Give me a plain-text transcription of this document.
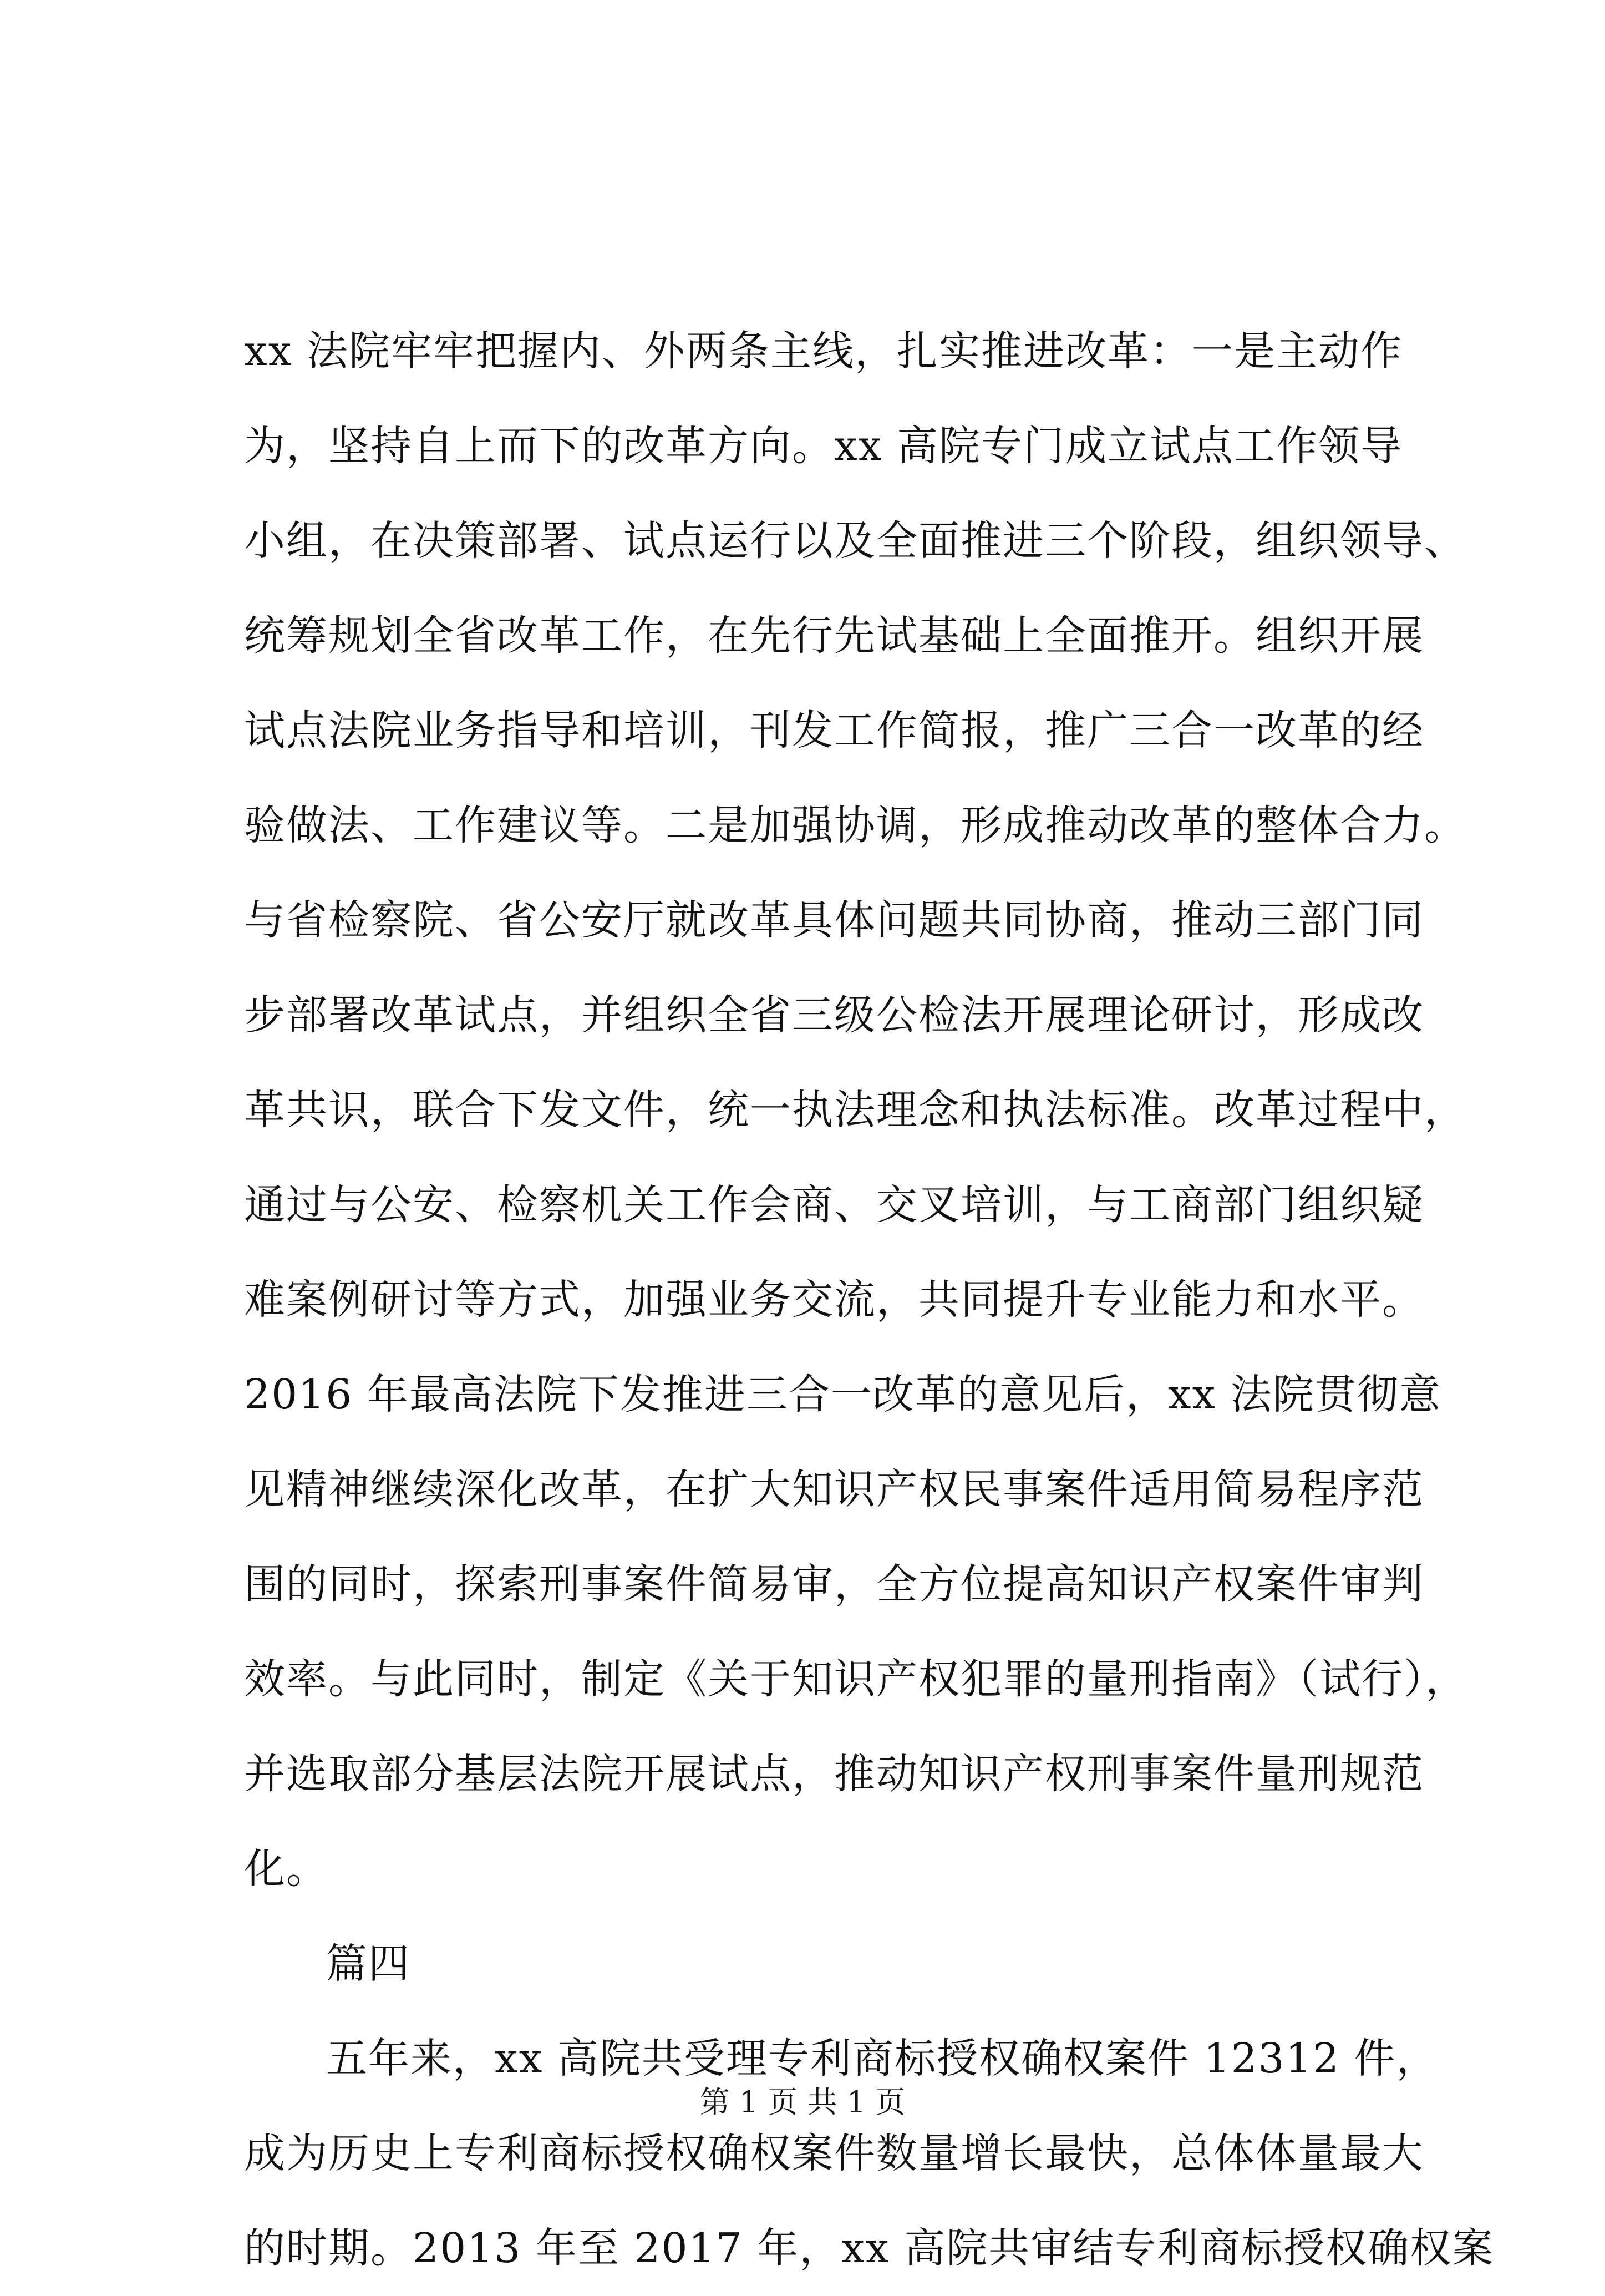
xx 法院牢牢把握内、外两条主线，扎实推进改革：一是主动作
为，坚持自上而下的改革方向。xx 高院专门成立试点工作领导
小组，在决策部署、试点运行以及全面推进三个阶段，组织领导、
统筹规划全省改革工作，在先行先试基础上全面推开。组织开展
试点法院业务指导和培训，刊发工作简报，推广三合一改革的经
验做法、工作建议等。二是加强协调，形成推动改革的整体合力。
与省检察院、省公安厅就改革具体问题共同协商，推动三部门同
步部署改革试点，并组织全省三级公检法开展理论研讨，形成改
革共识，联合下发文件，统一执法理念和执法标准。改革过程中，
通过与公安、检察机关工作会商、交叉培训，与工商部门组织疑
难案例研讨等方式，加强业务交流，共同提升专业能力和水平。
2016 年最高法院下发推进三合一改革的意见后，xx 法院贯彻意
见精神继续深化改革，在扩大知识产权民事案件适用简易程序范
围的同时，探索刑事案件简易审，全方位提高知识产权案件审判
效率。与此同时，制定《关于知识产权犯罪的量刑指南》（试行），
并选取部分基层法院开展试点，推动知识产权刑事案件量刑规范
化。
篇四
五年来，xx 高院共受理专利商标授权确权案件 12312 件，
成为历史上专利商标授权确权案件数量增长最快，总体体量最大
的时期。2013 年至 2017 年，xx 高院共审结专利商标授权确权案
第 1 页 共 1 页
